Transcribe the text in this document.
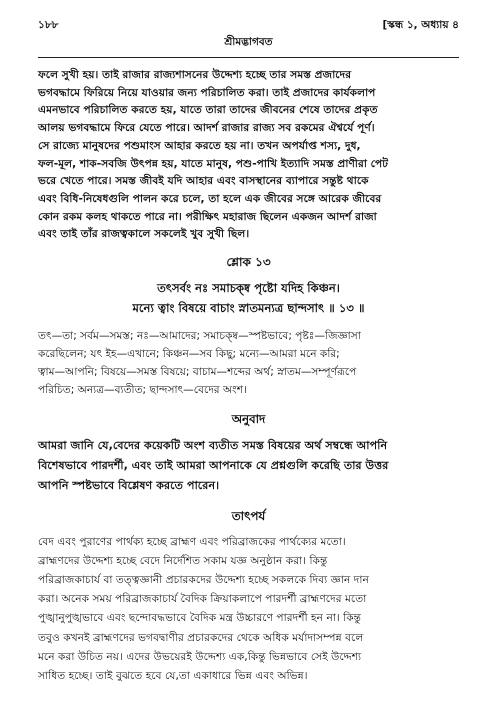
১৮৮	[স্কন্ধ ১, অধ্যায় ৪
শ্রীমদ্ভাগবত
ফলে সুখী হয়। তাই রাজার রাজ্যশাসনের উদ্দেশ্য হচ্ছে তার সমস্ত প্রজাদের
ভগবদ্ধামে ফিরিয়ে নিয়ে যাওয়ার জন্য পরিচালিত করা। তাই প্রজাদের কার্যকলাপ
এমনভাবে পরিচালিত করতে হয়, যাতে তারা তাদের জীবনের শেষে তাদের প্রকৃত
আলয় ভগবদ্ধামে ফিরে যেতে পারে। আদর্শ রাজার রাজ্য সব রকমের ঐশ্বর্যে পূর্ণ।
সে রাজ্যে মানুষদের পশুমাংস আহার করতে হয় না। তখন অপর্যাপ্ত শস্য, দুধ,
ফল-মূল, শাক-সবজি উৎপন্ন হয়, যাতে মানুষ, পশু-পাখি ইত্যাদি সমস্ত প্রাণীরা পেট
ভরে খেতে পারে। সমস্ত জীবই যদি আহার এবং বাসস্থানের ব্যাপারে সন্তুষ্ট থাকে
এবং বিধি-নিষেধগুলি পালন করে চলে, তা হলে এক জীবের সঙ্গে আরেক জীবের
কোন রকম কলহ থাকতে পারে না। পরীক্ষিৎ মহারাজ ছিলেন একজন আদর্শ রাজা
এবং তাই তাঁর রাজত্বকালে সকলেই খুব সুখী ছিল।
শ্লোক ১৩
তৎসর্বং নঃ সমাচক্ষ্ব পৃষ্টো যদিহ কিঞ্চন।
মন্যে ত্বাং বিষয়ে বাচাং স্নাতমন্যত্র ছান্দসাৎ ॥ ১৩ ॥
তৎ—তা; সর্বম—সমস্ত; নঃ—আমাদের; সমাচক্ষ্ব—স্পষ্টভাবে; পৃষ্টঃ—জিজ্ঞাসা
করেছিলেন; যৎ ইহ—এখানে; কিঞ্চন—সব কিছু; মন্যে—আমরা মনে করি;
ত্বাম—আপনি; বিষয়ে—সমস্ত বিষয়ে; বাচাম—শব্দের অর্থ; স্নাতম—সম্পূর্ণরূপে
পরিচিত; অন্যত্র—ব্যতীত; ছান্দসাৎ—বেদের অংশ।
অনুবাদ
আমরা জানি যে,বেদের কয়েকটি অংশ ব্যতীত সমস্ত বিষয়ের অর্থ সম্বন্ধে আপনি
বিশেষভাবে পারদর্শী, এবং তাই আমরা আপনাকে যে প্রশ্নগুলি করেছি তার উত্তর
আপনি স্পষ্টভাবে বিশ্লেষণ করতে পারেন।
তাৎপর্য
বেদ এবং পুরাণের পার্থক্য হচ্ছে ব্রাহ্মণ এবং পরিব্রাজকের পার্থক্যের মতো।
ব্রাহ্মণদের উদ্দেশ্য হচ্ছে বেদে নির্দেশিত সকাম যজ্ঞ অনুষ্ঠান করা। কিন্তু
পরিব্রাজকাচার্য বা তত্ত্বজ্ঞানী প্রচারকদের উদ্দেশ্য হচ্ছে সকলকে দিব্য জ্ঞান দান
করা। অনেক সময় পরিব্রাজকাচার্য বৈদিক ক্রিয়াকলাপে পারদর্শী ব্রাহ্মণদের মতো
পুঙ্খানুপুঙ্খভাবে এবং ছন্দোবদ্ধভাবে বৈদিক মন্ত্র উচ্চারণে পারদর্শী হন না। কিন্তু
তবুও কখনই ব্রাহ্মণদের ভগবদ্বাণীর প্রচারকদের থেকে অধিক মর্যাদাসম্পন্ন বলে
মনে করা উচিত নয়। এদের উভয়েরই উদ্দেশ্য এক,কিন্তু ভিন্নভাবে সেই উদ্দেশ্য
সাধিত হচ্ছে। তাই বুঝতে হবে যে,তা একাধারে ভিন্ন এবং অভিন্ন।
